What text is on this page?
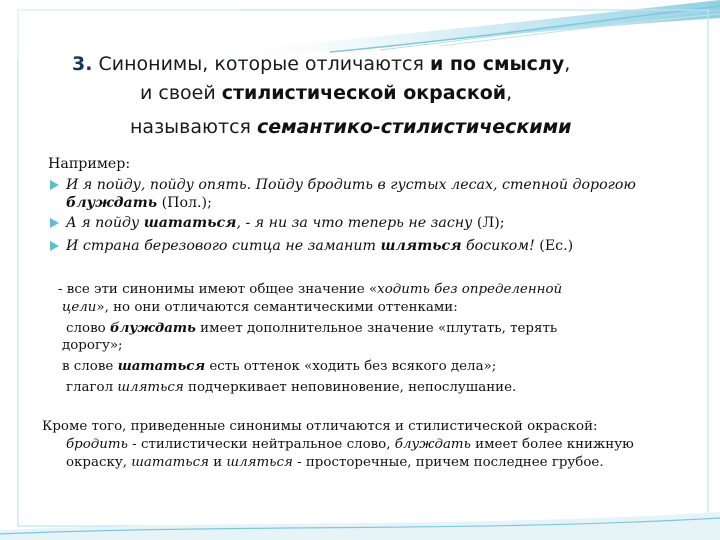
3. Синонимы, которые отличаются и по смыслу,
и своей стилистической окраской,
называются семантико-стилистическими
Например:
И я пойду, пойду опять. Пойду бродить в густых лесах, степной дорогою
блуждать (Пол.);
А я пойду шататься, - я ни за что теперь не засну (Л);
И страна березового ситца не заманит шляться босиком! (Ес.)
- все эти синонимы имеют общее значение «ходить без определенной
цели», но они отличаются семантическими оттенками:
слово блуждать имеет дополнительное значение «плутать, терять
дорогу»;
в слове шататься есть оттенок «ходить без всякого дела»;
глагол шляться подчеркивает неповиновение, непослушание.
Кроме того, приведенные синонимы отличаются и стилистической окраской:
бродить - стилистически нейтральное слово, блуждать имеет более книжную
окраску, шататься и шляться - просторечные, причем последнее грубое.
